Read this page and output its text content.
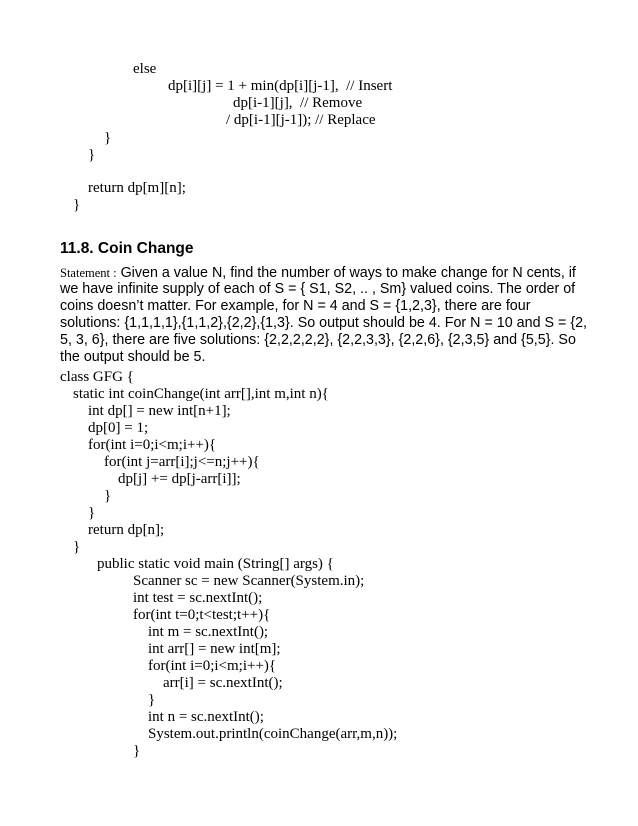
else
dp[i][j] = 1 + min(dp[i][j-1],  // Insert
dp[i-1][j],  // Remove
/ dp[i-1][j-1]); // Replace
}
}
return dp[m][n];
}
11.8. Coin Change
Statement : Given a value N, find the number of ways to make change for N cents, if
we have infinite supply of each of S = { S1, S2, .. , Sm} valued coins. The order of
coins doesn’t matter. For example, for N = 4 and S = {1,2,3}, there are four
solutions: {1,1,1,1},{1,1,2},{2,2},{1,3}. So output should be 4. For N = 10 and S = {2,
5, 3, 6}, there are five solutions: {2,2,2,2,2}, {2,2,3,3}, {2,2,6}, {2,3,5} and {5,5}. So
the output should be 5.
class GFG {
static int coinChange(int arr[],int m,int n){
int dp[] = new int[n+1];
dp[0] = 1;
for(int i=0;i<m;i++){
for(int j=arr[i];j<=n;j++){
dp[j] += dp[j-arr[i]];
}
}
return dp[n];
}
public static void main (String[] args) {
Scanner sc = new Scanner(System.in);
int test = sc.nextInt();
for(int t=0;t<test;t++){
int m = sc.nextInt();
int arr[] = new int[m];
for(int i=0;i<m;i++){
arr[i] = sc.nextInt();
}
int n = sc.nextInt();
System.out.println(coinChange(arr,m,n));
}
